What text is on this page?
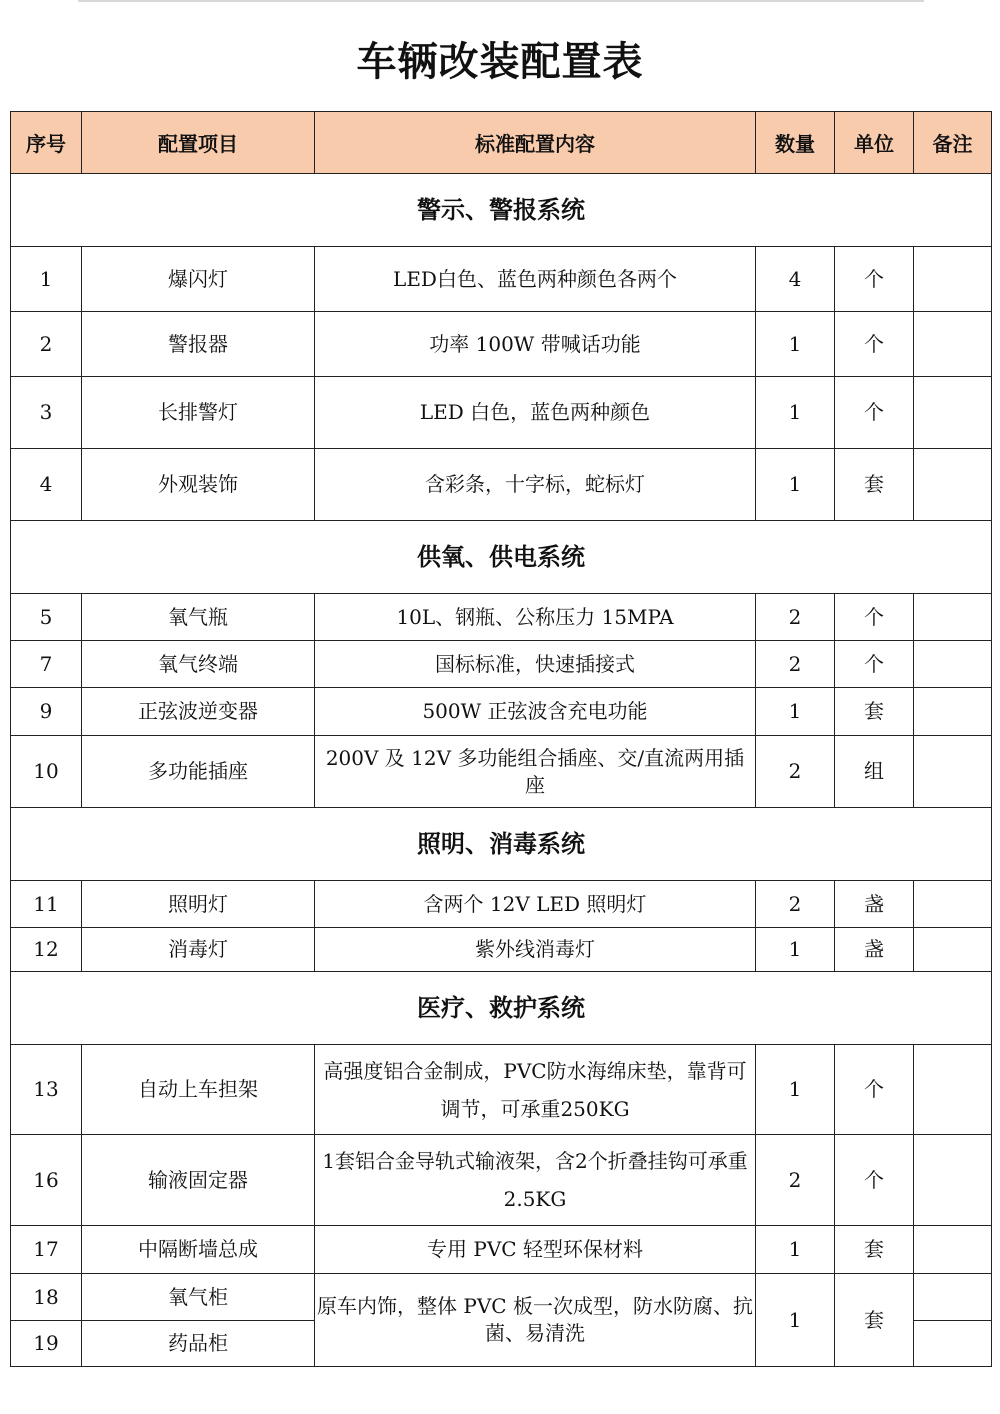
车辆改装配置表
序号	配置项目	标准配置内容	数量	单位	备注
警示、警报系统					
1	爆闪灯	LED白色、蓝色两种颜色各两个	4	个	
2	警报器	功率 100W 带喊话功能	1	个	
3	长排警灯	LED 白色，蓝色两种颜色	1	个	
4	外观装饰	含彩条，十字标，蛇标灯	1	套	
供氧、供电系统					
5	氧气瓶	10L、钢瓶、公称压力 15MPA	2	个	
7	氧气终端	国标标准，快速插接式	2	个	
9	正弦波逆变器	500W 正弦波含充电功能	1	套	
10	多功能插座	200V 及 12V 多功能组合插座、交/直流两用插座	2	组	
照明、消毒系统					
11	照明灯	含两个 12V LED 照明灯	2	盏	
12	消毒灯	紫外线消毒灯	1	盏	
医疗、救护系统					
13	自动上车担架	高强度铝合金制成，PVC防水海绵床垫，靠背可调节，可承重250KG	1	个	
16	输液固定器	1套铝合金导轨式输液架，含2个折叠挂钩可承重2.5KG	2	个	
17	中隔断墙总成	专用 PVC 轻型环保材料	1	套	
18	氧气柜	原车内饰，整体 PVC 板一次成型，防水防腐、抗菌、易清洗	1	套	
19	药品柜				
